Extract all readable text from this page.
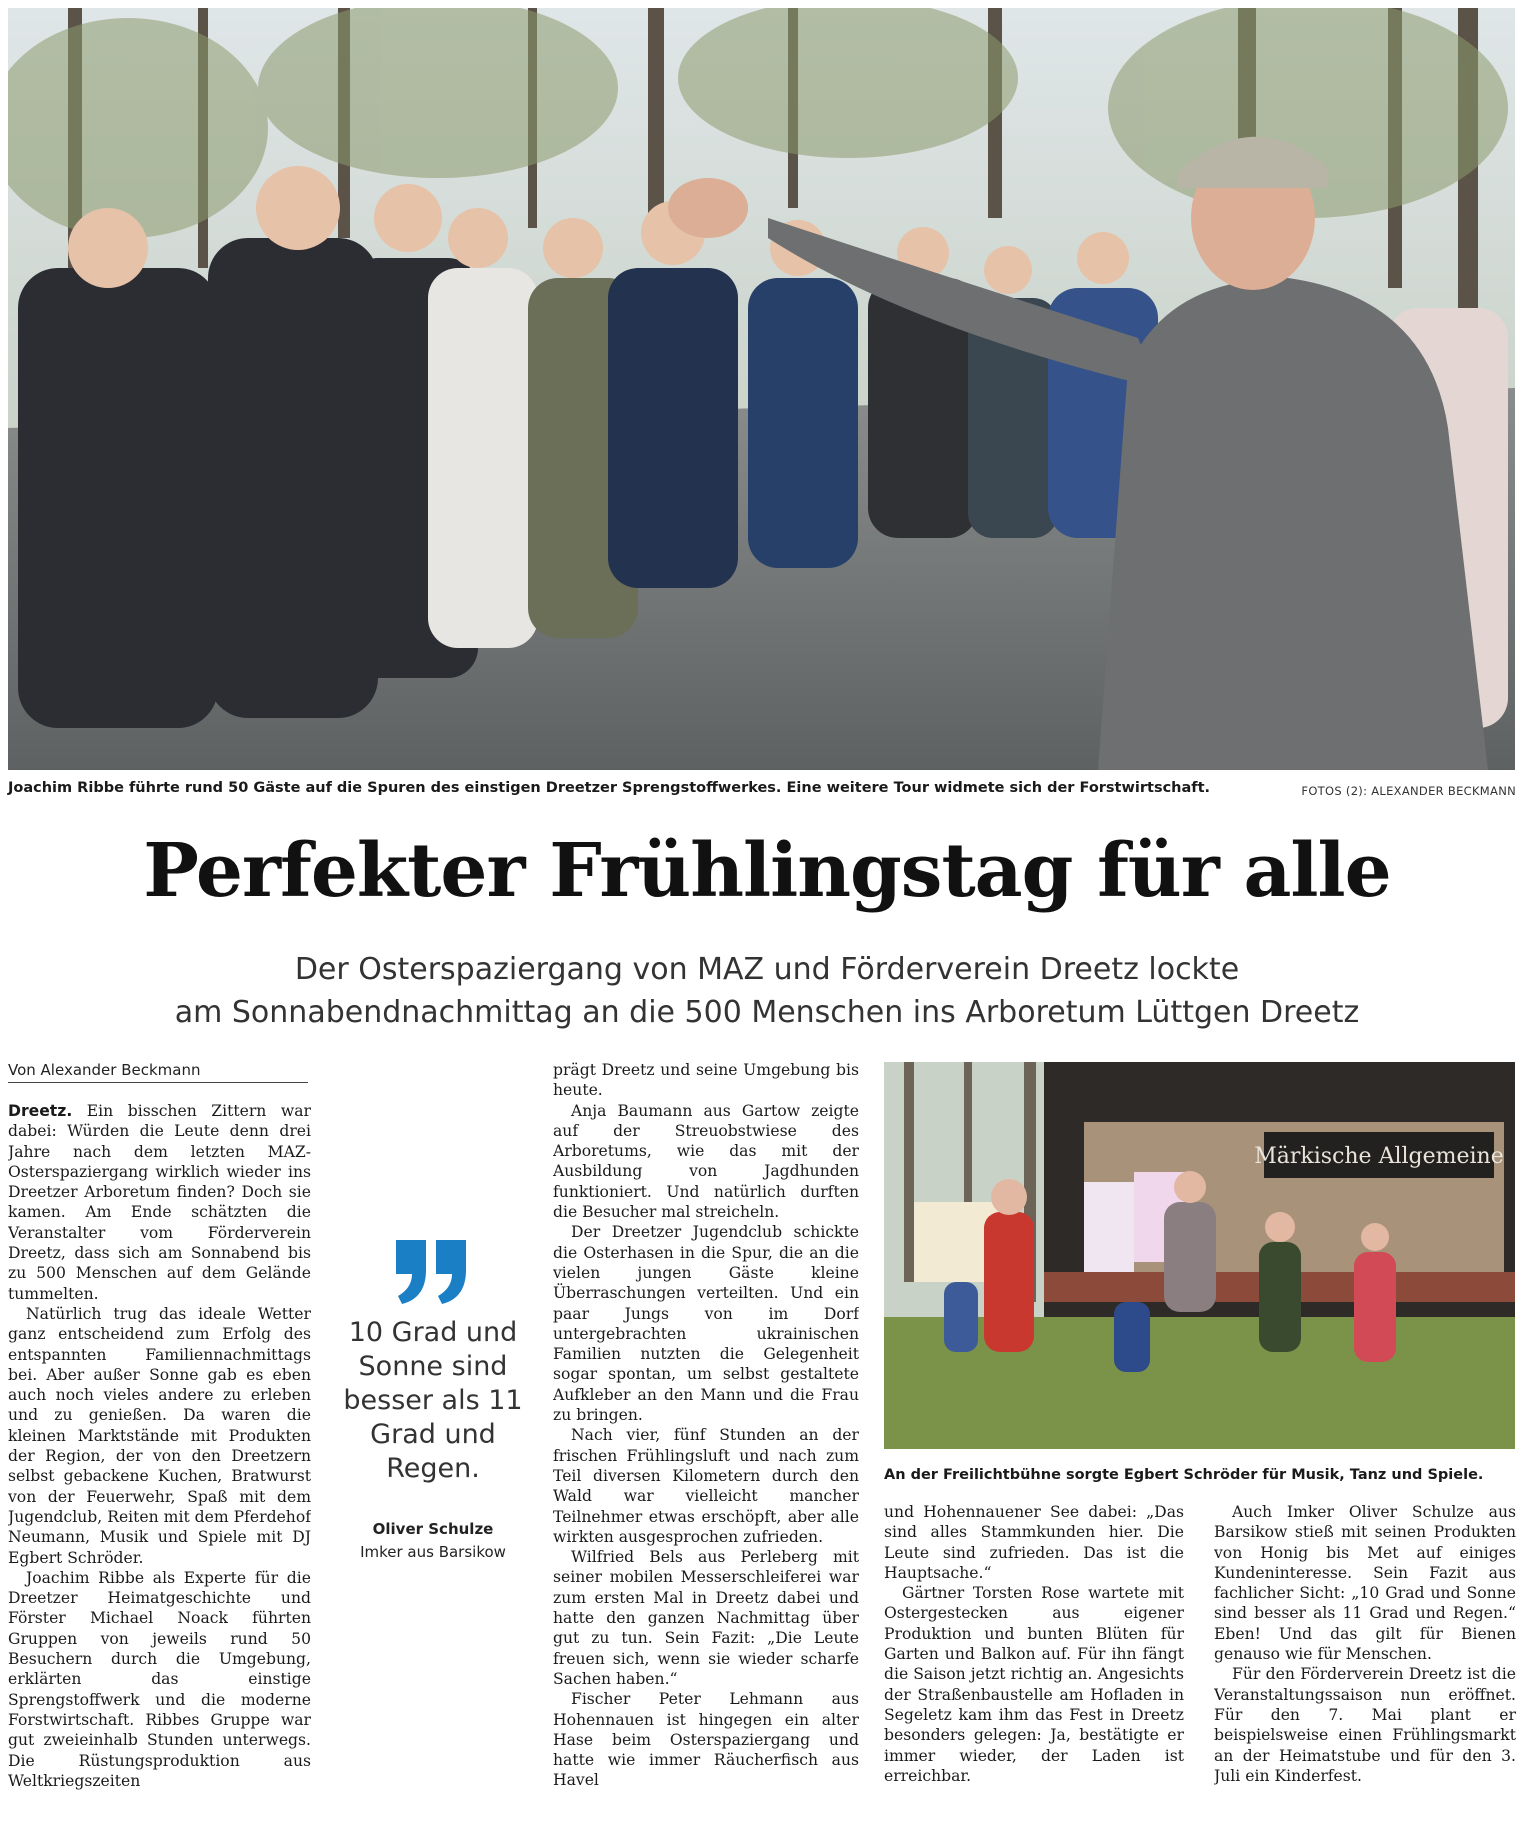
Joachim Ribbe führte rund 50 Gäste auf die Spuren des einstigen Dreetzer Sprengstoffwerkes. Eine weitere Tour widmete sich der Forstwirtschaft.	FOTOS (2): ALEXANDER BECKMANN
Perfekter Frühlingstag für alle
Der Osterspaziergang von MAZ und Förderverein Dreetz lockte
am Sonnabendnachmittag an die 500 Menschen ins Arboretum Lüttgen Dreetz
Von Alexander Beckmann

Dreetz. Ein bisschen Zittern war dabei: Würden die Leute denn drei Jahre nach dem letzten MAZ-Osterspaziergang wirklich wieder ins Dreetzer Arboretum finden? Doch sie kamen. Am Ende schätzten die Veranstalter vom Förderverein Dreetz, dass sich am Sonnabend bis zu 500 Menschen auf dem Gelände tummelten.

Natürlich trug das ideale Wetter ganz entscheidend zum Erfolg des entspannten Familiennachmittags bei. Aber außer Sonne gab es eben auch noch vieles andere zu erleben und zu genießen. Da waren die kleinen Marktstände mit Produkten der Region, der von den Dreetzern selbst gebackene Kuchen, Bratwurst von der Feuerwehr, Spaß mit dem Jugendclub, Reiten mit dem Pferdehof Neumann, Musik und Spiele mit DJ Egbert Schröder.

Joachim Ribbe als Experte für die Dreetzer Heimatgeschichte und Förster Michael Noack führten Gruppen von jeweils rund 50 Besuchern durch die Umgebung, erklärten das einstige Sprengstoffwerk und die moderne Forstwirtschaft. Ribbes Gruppe war gut zweieinhalb Stunden unterwegs. Die Rüstungsproduktion aus Weltkriegszeiten

10 Grad und Sonne sind besser als 11 Grad und Regen.
Oliver Schulze
Imker aus Barsikow

prägt Dreetz und seine Umgebung bis heute.

Anja Baumann aus Gartow zeigte auf der Streuobstwiese des Arboretums, wie das mit der Ausbildung von Jagdhunden funktioniert. Und natürlich durften die Besucher mal streicheln.

Der Dreetzer Jugendclub schickte die Osterhasen in die Spur, die an die vielen jungen Gäste kleine Überraschungen verteilten. Und ein paar Jungs von im Dorf untergebrachten ukrainischen Familien nutzten die Gelegenheit sogar spontan, um selbst gestaltete Aufkleber an den Mann und die Frau zu bringen.

Nach vier, fünf Stunden an der frischen Frühlingsluft und nach zum Teil diversen Kilometern durch den Wald war vielleicht mancher Teilnehmer etwas erschöpft, aber alle wirkten ausgesprochen zufrieden.

Wilfried Bels aus Perleberg mit seiner mobilen Messerschleiferei war zum ersten Mal in Dreetz dabei und hatte den ganzen Nachmittag über gut zu tun. Sein Fazit: „Die Leute freuen sich, wenn sie wieder scharfe Sachen haben.“

Fischer Peter Lehmann aus Hohennauen ist hingegen ein alter Hase beim Osterspaziergang und hatte wie immer Räucherfisch aus Havel

Märkische Allgemeine
An der Freilichtbühne sorgte Egbert Schröder für Musik, Tanz und Spiele.

und Hohennauener See dabei: „Das sind alles Stammkunden hier. Die Leute sind zufrieden. Das ist die Hauptsache.“

Gärtner Torsten Rose wartete mit Ostergestecken aus eigener Produktion und bunten Blüten für Garten und Balkon auf. Für ihn fängt die Saison jetzt richtig an. Angesichts der Straßenbaustelle am Hofladen in Segeletz kam ihm das Fest in Dreetz besonders gelegen: Ja, bestätigte er immer wieder, der Laden ist erreichbar.

Auch Imker Oliver Schulze aus Barsikow stieß mit seinen Produkten von Honig bis Met auf einiges Kundeninteresse. Sein Fazit aus fachlicher Sicht: „10 Grad und Sonne sind besser als 11 Grad und Regen.“ Eben! Und das gilt für Bienen genauso wie für Menschen.

Für den Förderverein Dreetz ist die Veranstaltungssaison nun eröffnet. Für den 7. Mai plant er beispielsweise einen Frühlingsmarkt an der Heimatstube und für den 3. Juli ein Kinderfest.
